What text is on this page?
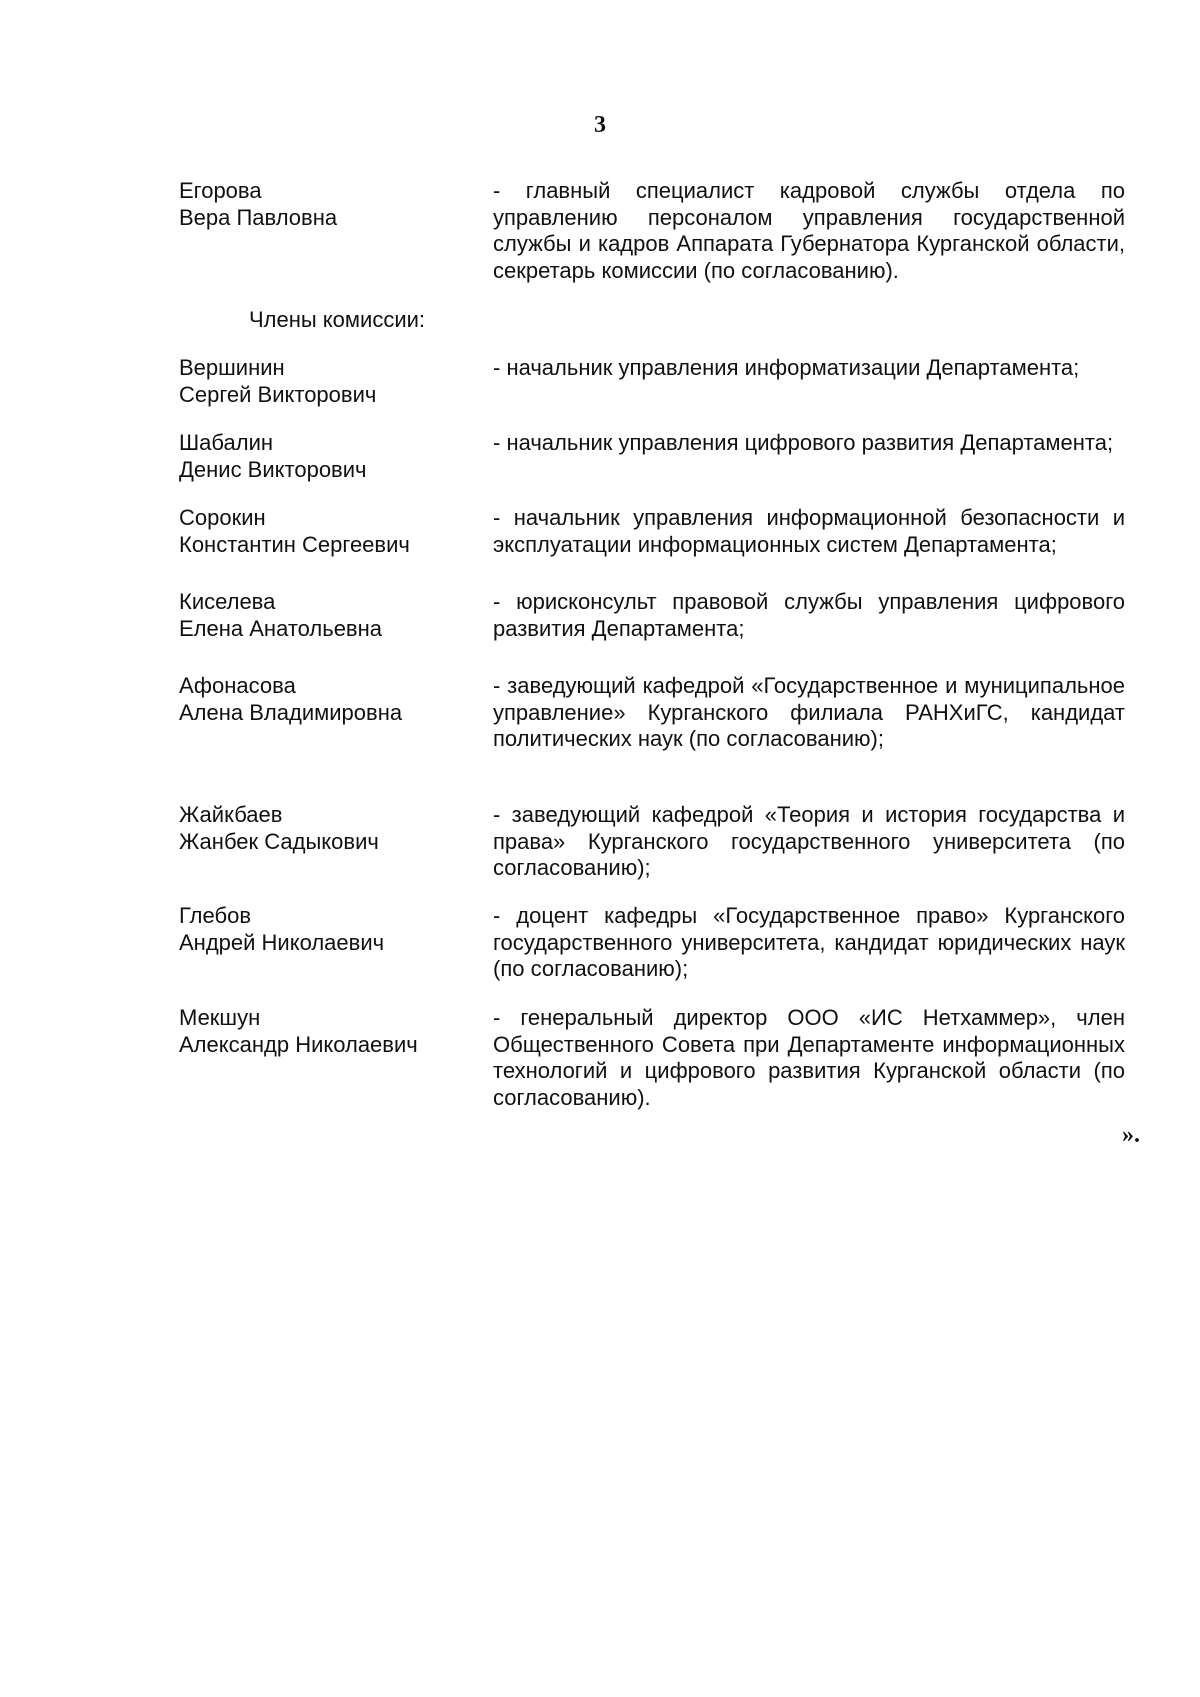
3
Егорова
Вера Павловна
- главный специалист кадровой службы отдела по управлению персоналом управления государственной службы и кадров Аппарата Губернатора Курганской области, секретарь комиссии (по согласованию).
Члены комиссии:
Вершинин
Сергей Викторович
- начальник управления информатизации Департамента;
Шабалин
Денис Викторович
- начальник управления цифрового развития Департамента;
Сорокин
Константин Сергеевич
- начальник управления информационной безопасности и эксплуатации информационных систем Департамента;
Киселева
Елена Анатольевна
- юрисконсульт правовой службы управления цифрового развития Департамента;
Афонасова
Алена Владимировна
- заведующий кафедрой «Государственное и муниципальное управление» Курганского филиала РАНХиГС, кандидат политических наук (по согласованию);
Жайкбаев
Жанбек Садыкович
- заведующий кафедрой «Теория и история государства и права» Курганского государственного университета (по согласованию);
Глебов
Андрей Николаевич
- доцент кафедры «Государственное право» Курганского государственного университета, кандидат юридических наук (по согласованию);
Мекшун
Александр Николаевич
- генеральный директор ООО «ИС Нетхаммер», член Общественного Совета при Департаменте информационных технологий и цифрового развития Курганской области (по согласованию).
».
